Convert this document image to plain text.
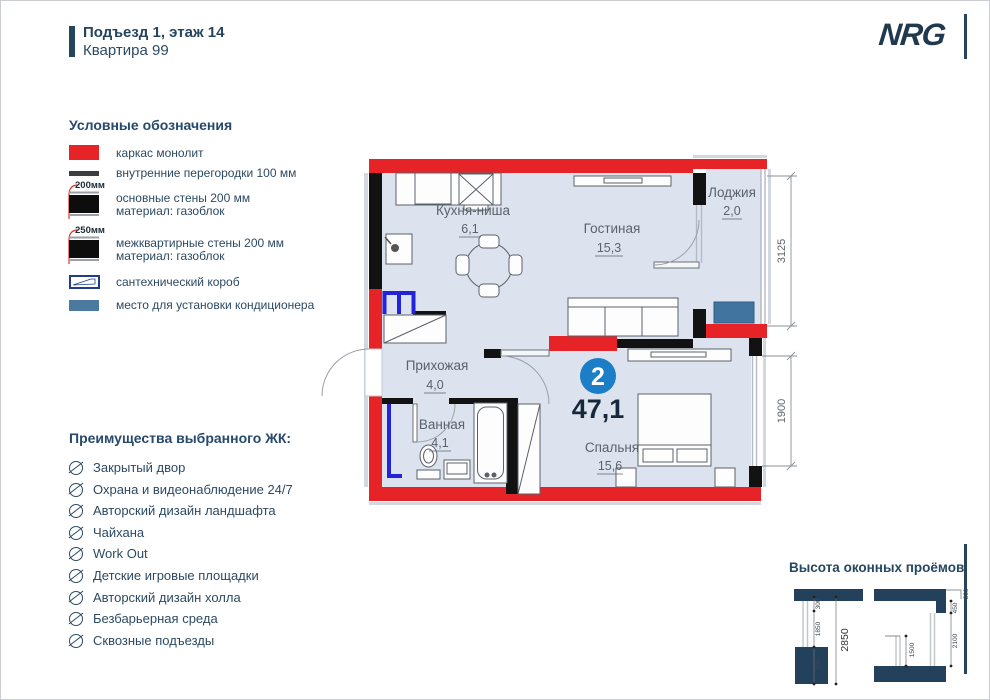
Подъезд 1, этаж 14
Квартира 99	NRG
Условные обозначения
каркас монолит
внутренние перегородки 100 мм
200мм
основные стены 200 мм
материал: газоблок
250мм
межквартирные стены 200 мм
материал: газоблок
сантехнический короб
место для установки кондиционера
Преимущества выбранного ЖК:
Закрытый двор
Охрана и видеонаблюдение 24/7
Авторский дизайн ландшафта
Чайхана
Work Out
Детские игровые площадки
Авторский дизайн холла
Безбарьерная среда
Сквозные подъезды
3125
1900
Кухня-ниша
6,1	Гостиная
15,3
Лоджия
2,0
Прихожая
4,0
Ванная
4,1	Спальня
15,6
2
47,1
Высота оконных проёмов
300
1850
700
2850	1500
450
2100
300
